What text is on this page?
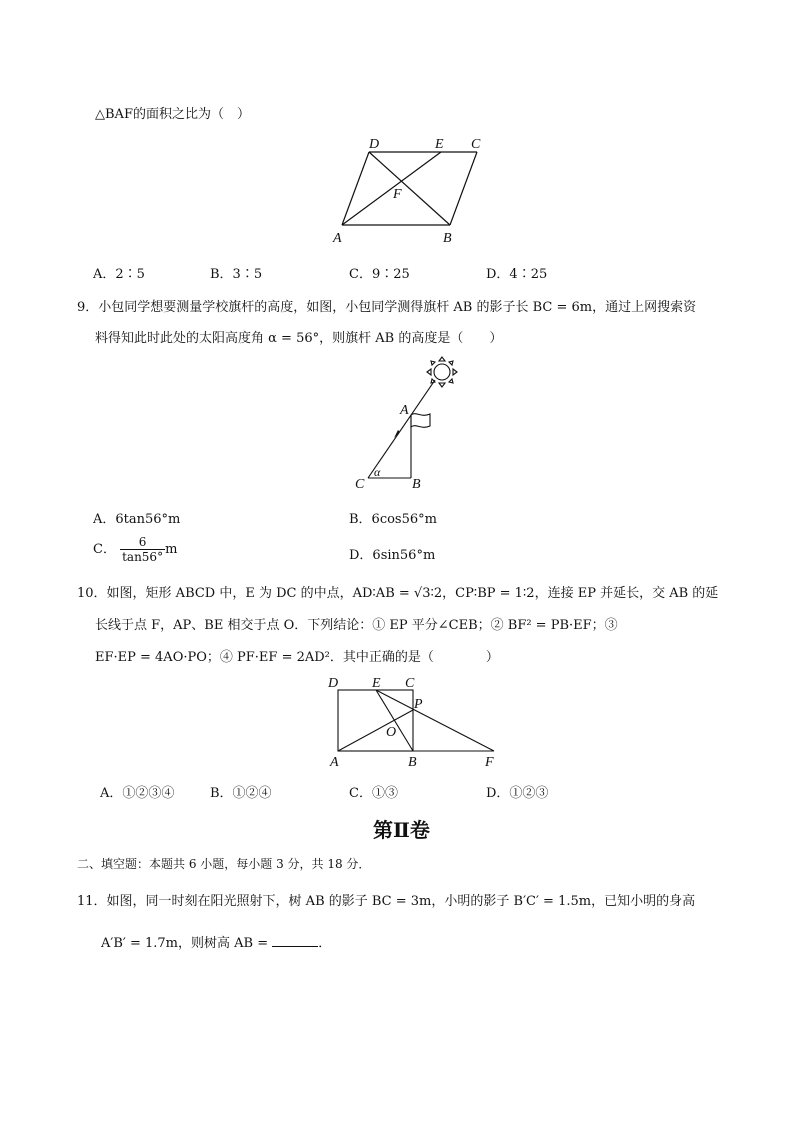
△BAF的面积之比为（　）
D	E C
F
A	B
A．2∶5	B．3∶5	C．9∶25	D．4∶25
9．小包同学想要测量学校旗杆的高度，如图，小包同学测得旗杆 AB 的影子长 BC = 6m，通过上网搜索资
料得知此时此处的太阳高度角 α = 56°，则旗杆 AB 的高度是（　　）
A
α
C	B
A．6tan56°m	B．6cos56°m
C． $\frac{6}{\tan 56^\circ}$ m	D．6sin56°m
10．如图，矩形 ABCD 中，E 为 DC 的中点，AD∶AB = √3∶2，CP∶BP = 1∶2，连接 EP 并延长，交 AB 的延
长线于点 F，AP、BE 相交于点 O．下列结论：① EP 平分∠CEB；② BF² = PB·EF；③
EF·EP = 4AO·PO；④ PF·EF = 2AD²．其中正确的是（　　　　）
D E C
P
O
A	B	F
A．①②③④	B．①②④	C．①③	D．①②③
第Ⅱ卷
二、填空题：本题共 6 小题，每小题 3 分，共 18 分．
11．如图，同一时刻在阳光照射下，树 AB 的影子 BC = 3m，小明的影子 B′C′ = 1.5m，已知小明的身高
A′B′ = 1.7m，则树高 AB =	．
